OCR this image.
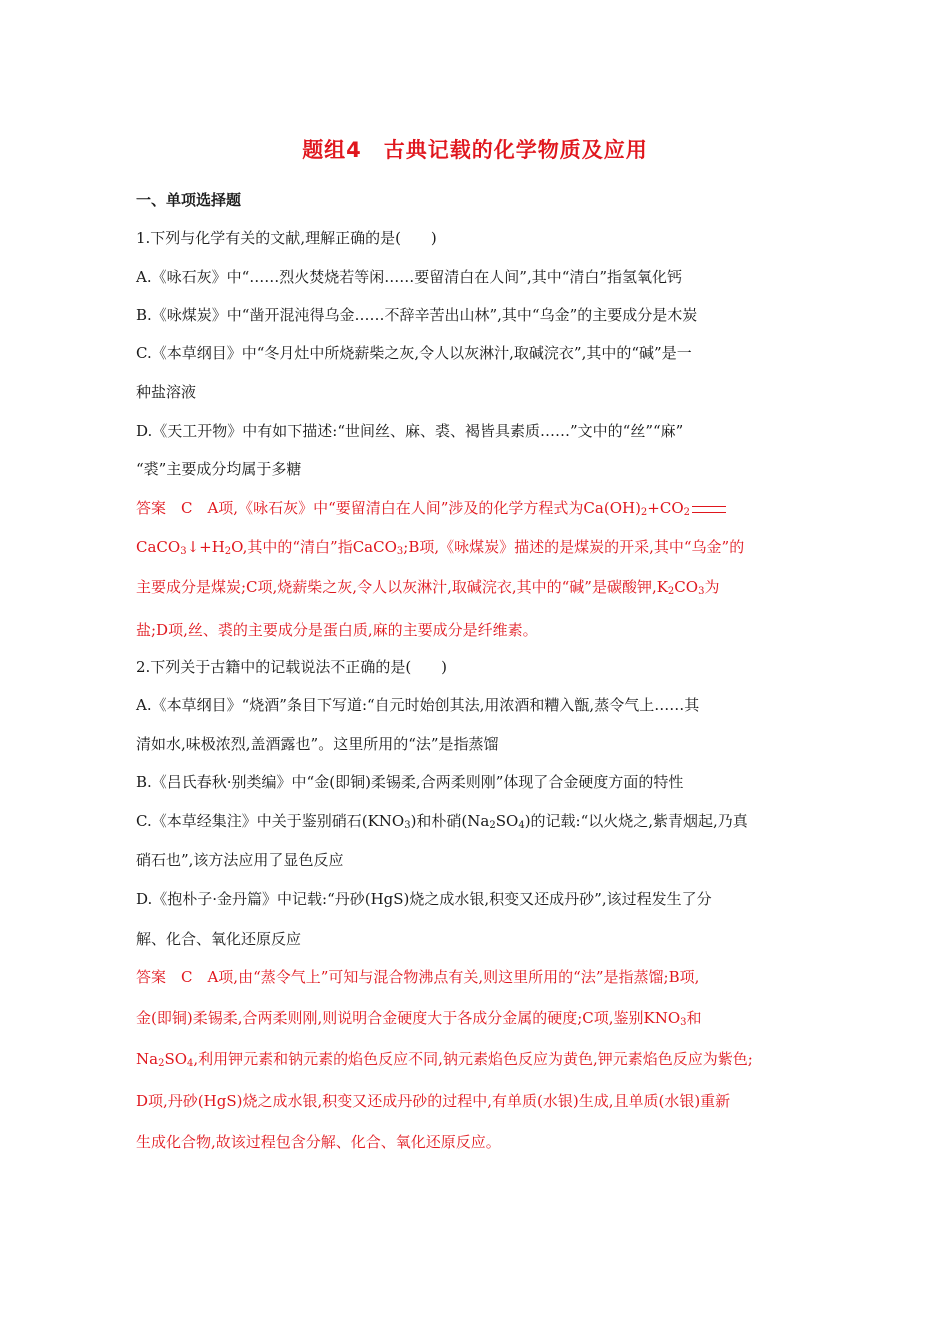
题组4　古典记载的化学物质及应用
一、单项选择题
1.下列与化学有关的文献,理解正确的是(　　)
A.《咏石灰》中“……烈火焚烧若等闲……要留清白在人间”,其中“清白”指氢氧化钙
B.《咏煤炭》中“凿开混沌得乌金……不辞辛苦出山林”,其中“乌金”的主要成分是木炭
C.《本草纲目》中“冬月灶中所烧薪柴之灰,令人以灰淋汁,取碱浣衣”,其中的“碱”是一
种盐溶液
D.《天工开物》中有如下描述:“世间丝、麻、裘、褐皆具素质……”文中的“丝”“麻”
“裘”主要成分均属于多糖
答案　C　A项,《咏石灰》中“要留清白在人间”涉及的化学方程式为$Ca(OH)_2+CO_2$
$CaCO_3↓+H_2O$,其中的“清白”指CaCO$_3$;B项,《咏煤炭》描述的是煤炭的开采,其中“乌金”的
主要成分是煤炭;C项,烧薪柴之灰,令人以灰淋汁,取碱浣衣,其中的“碱”是碳酸钾$,K_2CO_3$为
盐;D项,丝、裘的主要成分是蛋白质,麻的主要成分是纤维素。
2.下列关于古籍中的记载说法不正确的是(　　)
A.《本草纲目》“烧酒”条目下写道:“自元时始创其法,用浓酒和糟入甑,蒸令气上……其
清如水,味极浓烈,盖酒露也”。这里所用的“法”是指蒸馏
B.《吕氏春秋·别类编》中“金(即铜)柔锡柔,合两柔则刚”体现了合金硬度方面的特性
C.《本草经集注》中关于鉴别硝石$(KNO_3)$和朴硝$(Na_2SO_4)$的记载:“以火烧之,紫青烟起,乃真
硝石也”,该方法应用了显色反应
D.《抱朴子·金丹篇》中记载:“丹砂(HgS)烧之成水银,积变又还成丹砂”,该过程发生了分
解、化合、氧化还原反应
答案　C　A项,由“蒸令气上”可知与混合物沸点有关,则这里所用的“法”是指蒸馏;B项,
金(即铜)柔锡柔,合两柔则刚,则说明合金硬度大于各成分金属的硬度;C项,鉴别$KNO_3$和
$Na_2SO_4$,利用钾元素和钠元素的焰色反应不同,钠元素焰色反应为黄色,钾元素焰色反应为紫色;
D项,丹砂(HgS)烧之成水银,积变又还成丹砂的过程中,有单质(水银)生成,且单质(水银)重新
生成化合物,故该过程包含分解、化合、氧化还原反应。
